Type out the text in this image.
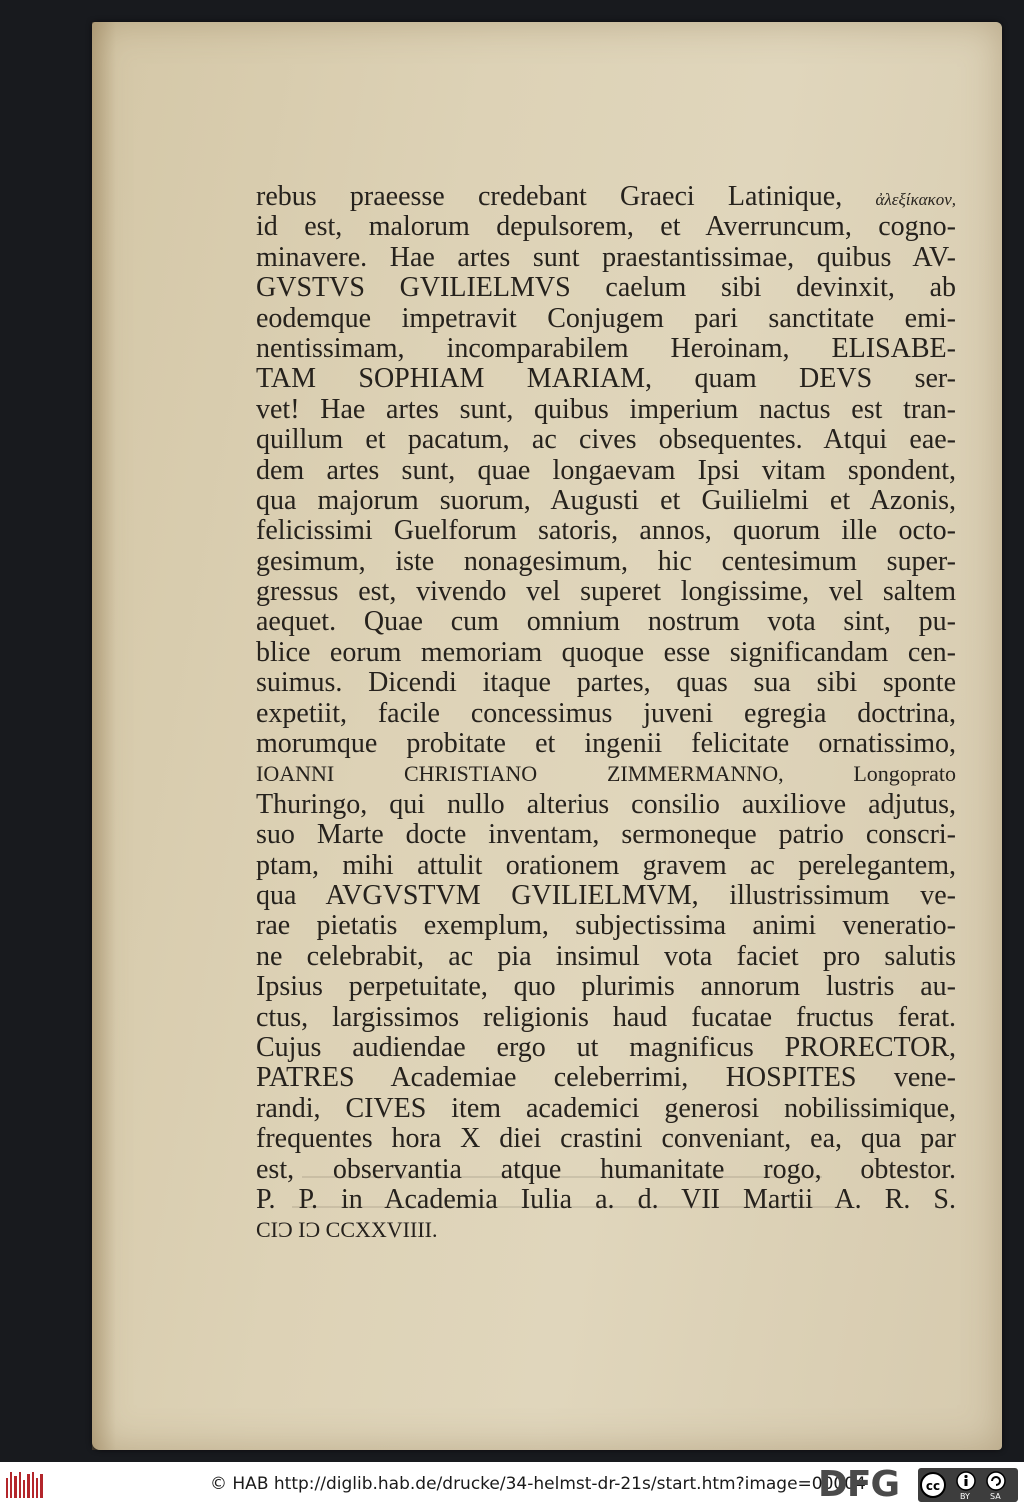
rebus praeesse credebant Graeci Latinique, ἀλεξίκακον,
id est, malorum depulsorem, et Averruncum, cogno-
minavere. Hae artes sunt praestantissimae, quibus AV-
GVSTVS GVILIELMVS caelum sibi devinxit, ab
eodemque impetravit Conjugem pari sanctitate emi-
nentissimam, incomparabilem Heroinam, ELISABE-
TAM SOPHIAM MARIAM, quam DEVS ser-
vet! Hae artes sunt, quibus imperium nactus est tran-
quillum et pacatum, ac cives obsequentes. Atqui eae-
dem artes sunt, quae longaevam Ipsi vitam spondent,
qua majorum suorum, Augusti et Guilielmi et Azonis,
felicissimi Guelforum satoris, annos, quorum ille octo-
gesimum, iste nonagesimum, hic centesimum super-
gressus est, vivendo vel superet longissime, vel saltem
aequet. Quae cum omnium nostrum vota sint, pu-
blice eorum memoriam quoque esse significandam cen-
suimus. Dicendi itaque partes, quas sua sibi sponte
expetiit, facile concessimus juveni egregia doctrina,
morumque probitate et ingenii felicitate ornatissimo,
IOANNI CHRISTIANO ZIMMERMANNO, Longoprato
Thuringo, qui nullo alterius consilio auxiliove adjutus,
suo Marte docte inventam, sermoneque patrio conscri-
ptam, mihi attulit orationem gravem ac perelegantem,
qua AVGVSTVM GVILIELMVM, illustrissimum ve-
rae pietatis exemplum, subjectissima animi veneratio-
ne celebrabit, ac pia insimul vota faciet pro salutis
Ipsius perpetuitate, quo plurimis annorum lustris au-
ctus, largissimos religionis haud fucatae fructus ferat.
Cujus audiendae ergo ut magnificus PRORECTOR,
PATRES Academiae celeberrimi, HOSPITES vene-
randi, CIVES item academici generosi nobilissimique,
frequentes hora X diei crastini conveniant, ea, qua par
est, observantia atque humanitate rogo, obtestor.
P. P. in Academia Iulia a. d. VII Martii A. R. S.
CIƆ IƆ CCXXVIIII.
© HAB http://diglib.hab.de/drucke/34-helmst-dr-21s/start.htm?image=00004
DFG	cc
BY	SA
